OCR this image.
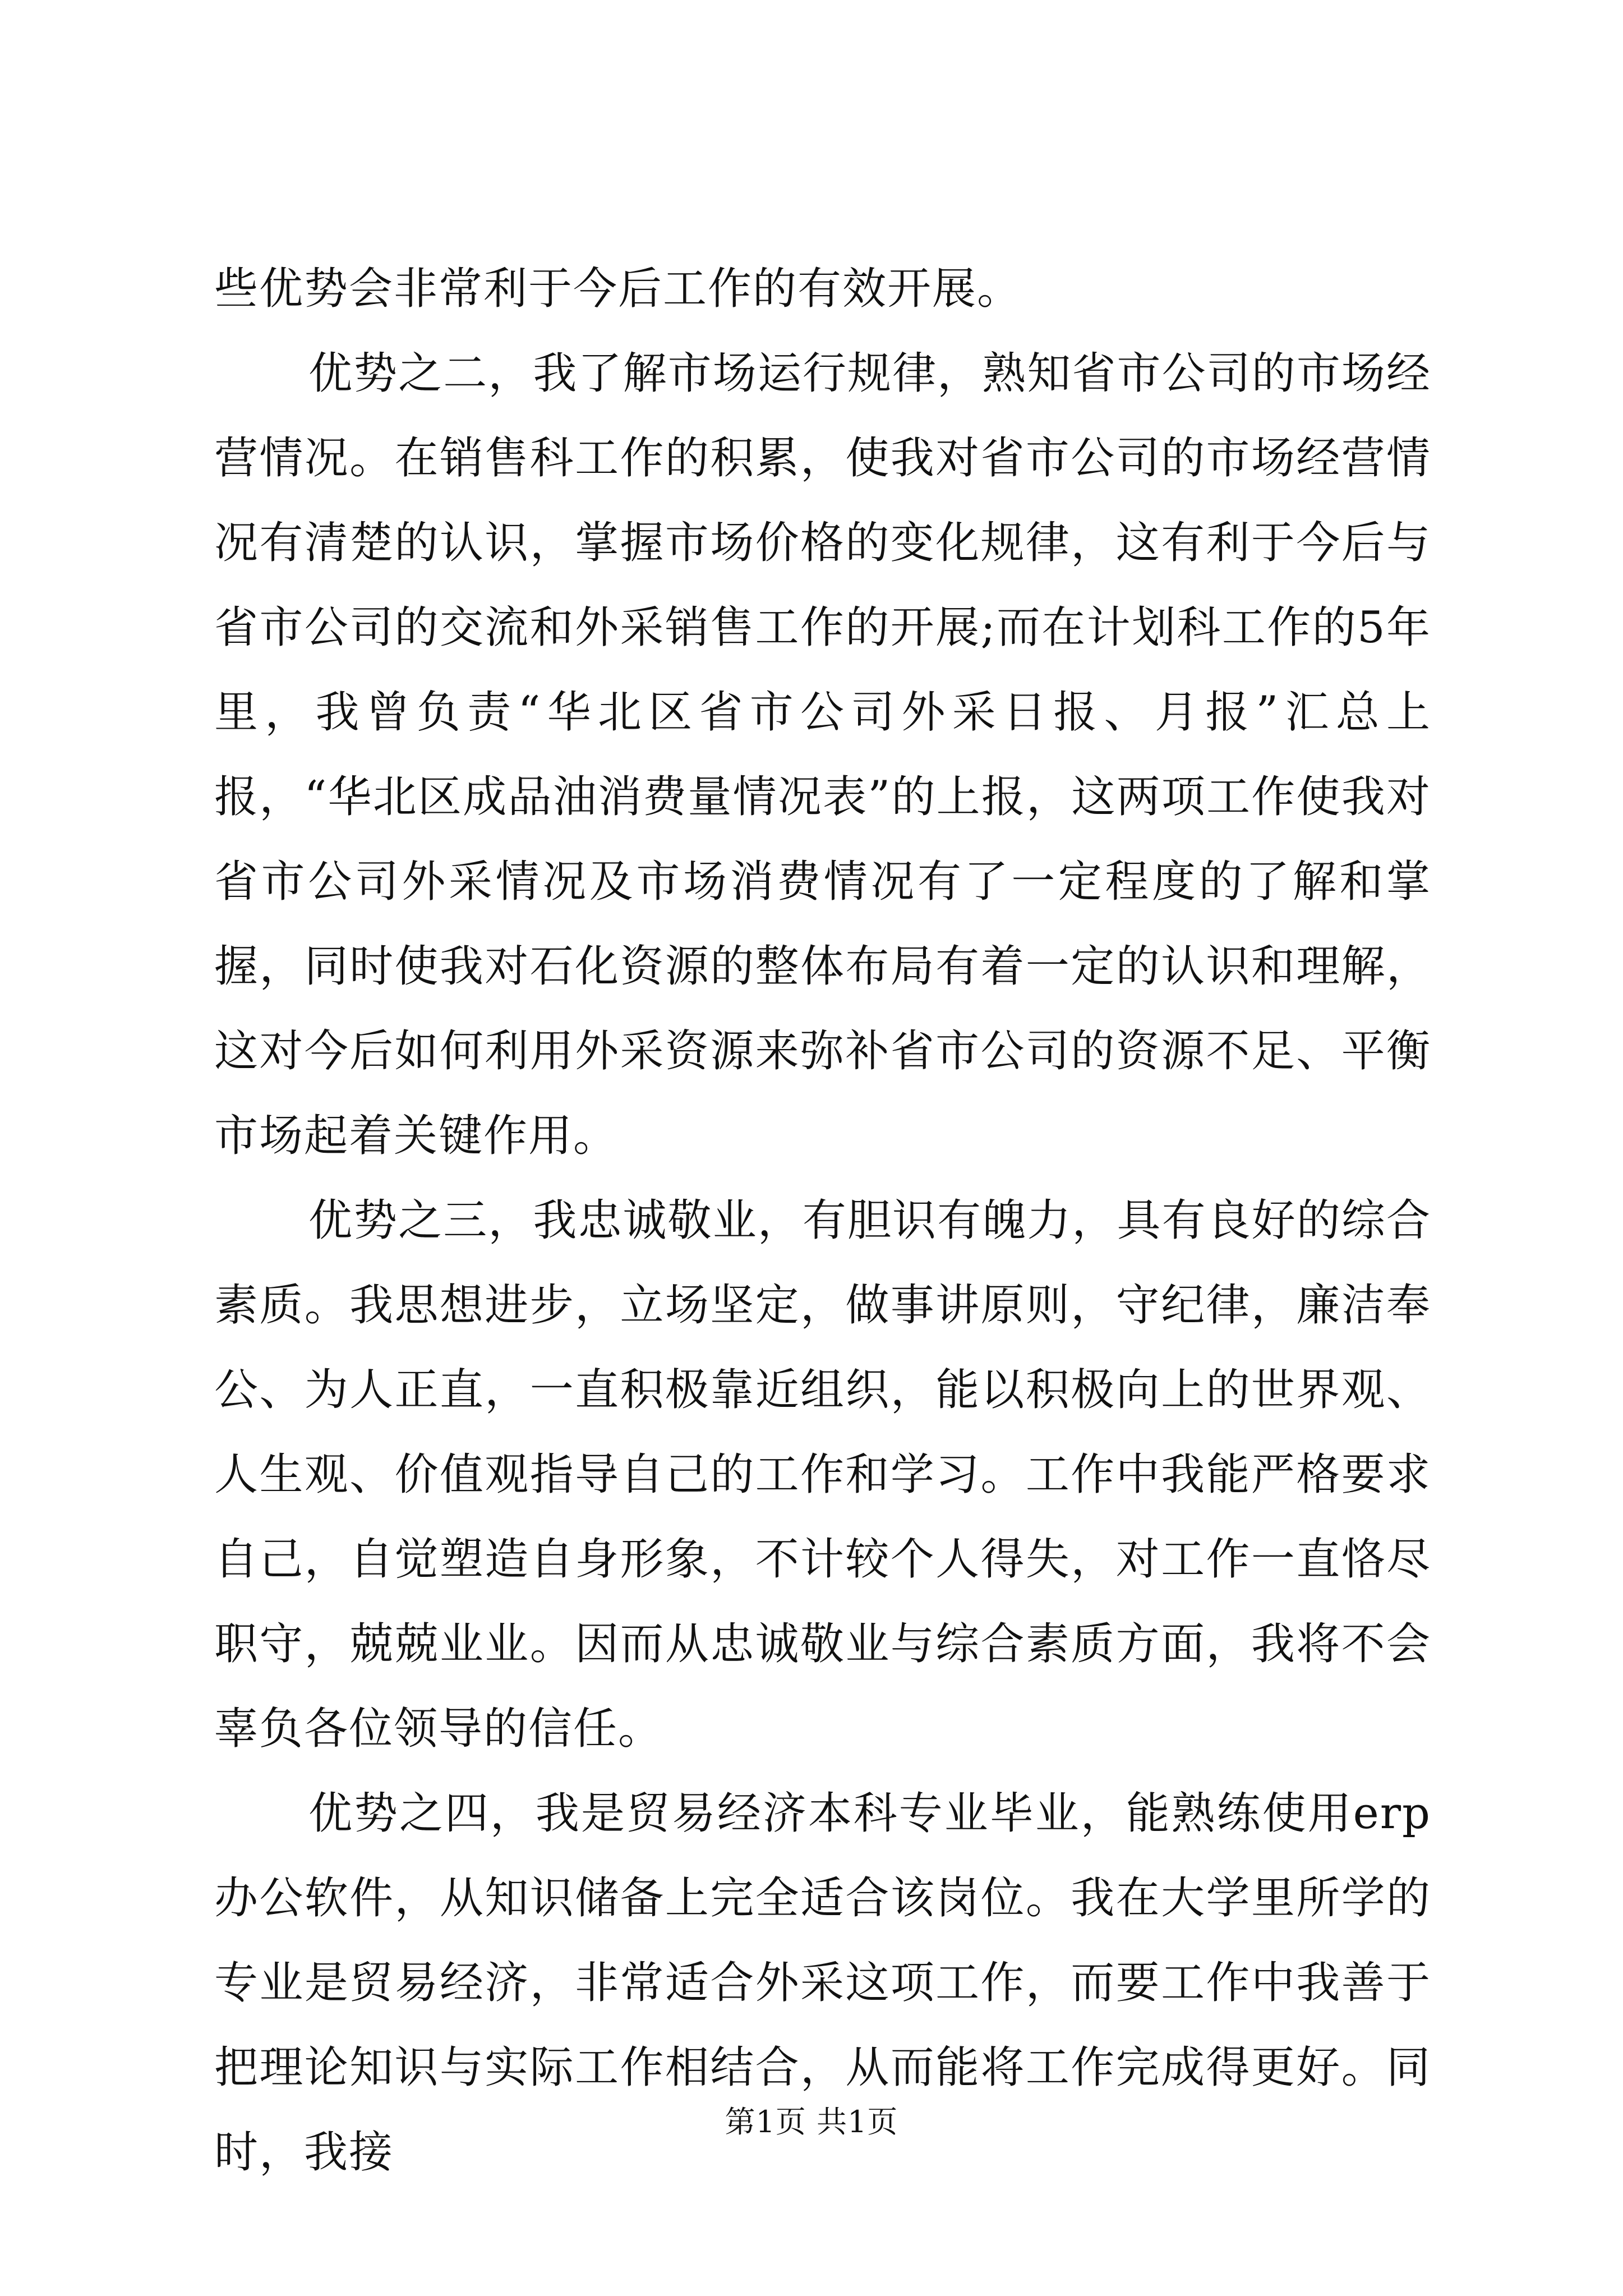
些优势会非常利于今后工作的有效开展。

优势之二，我了解市场运行规律，熟知省市公司的市场经营情况。在销售科工作的积累，使我对省市公司的市场经营情况有清楚的认识，掌握市场价格的变化规律，这有利于今后与省市公司的交流和外采销售工作的开展;而在计划科工作的5年里，我曾负责“华北区省市公司外采日报、月报”汇总上报，“华北区成品油消费量情况表”的上报，这两项工作使我对省市公司外采情况及市场消费情况有了一定程度的了解和掌握，同时使我对石化资源的整体布局有着一定的认识和理解，这对今后如何利用外采资源来弥补省市公司的资源不足、平衡市场起着关键作用。

优势之三，我忠诚敬业，有胆识有魄力，具有良好的综合素质。我思想进步，立场坚定，做事讲原则，守纪律，廉洁奉公、为人正直，一直积极靠近组织，能以积极向上的世界观、人生观、价值观指导自己的工作和学习。工作中我能严格要求自己，自觉塑造自身形象，不计较个人得失，对工作一直恪尽职守，兢兢业业。因而从忠诚敬业与综合素质方面，我将不会辜负各位领导的信任。

优势之四，我是贸易经济本科专业毕业，能熟练使用erp办公软件，从知识储备上完全适合该岗位。我在大学里所学的专业是贸易经济，非常适合外采这项工作，而要工作中我善于把理论知识与实际工作相结合，从而能将工作完成得更好。同时，我接

第1页 共1页
